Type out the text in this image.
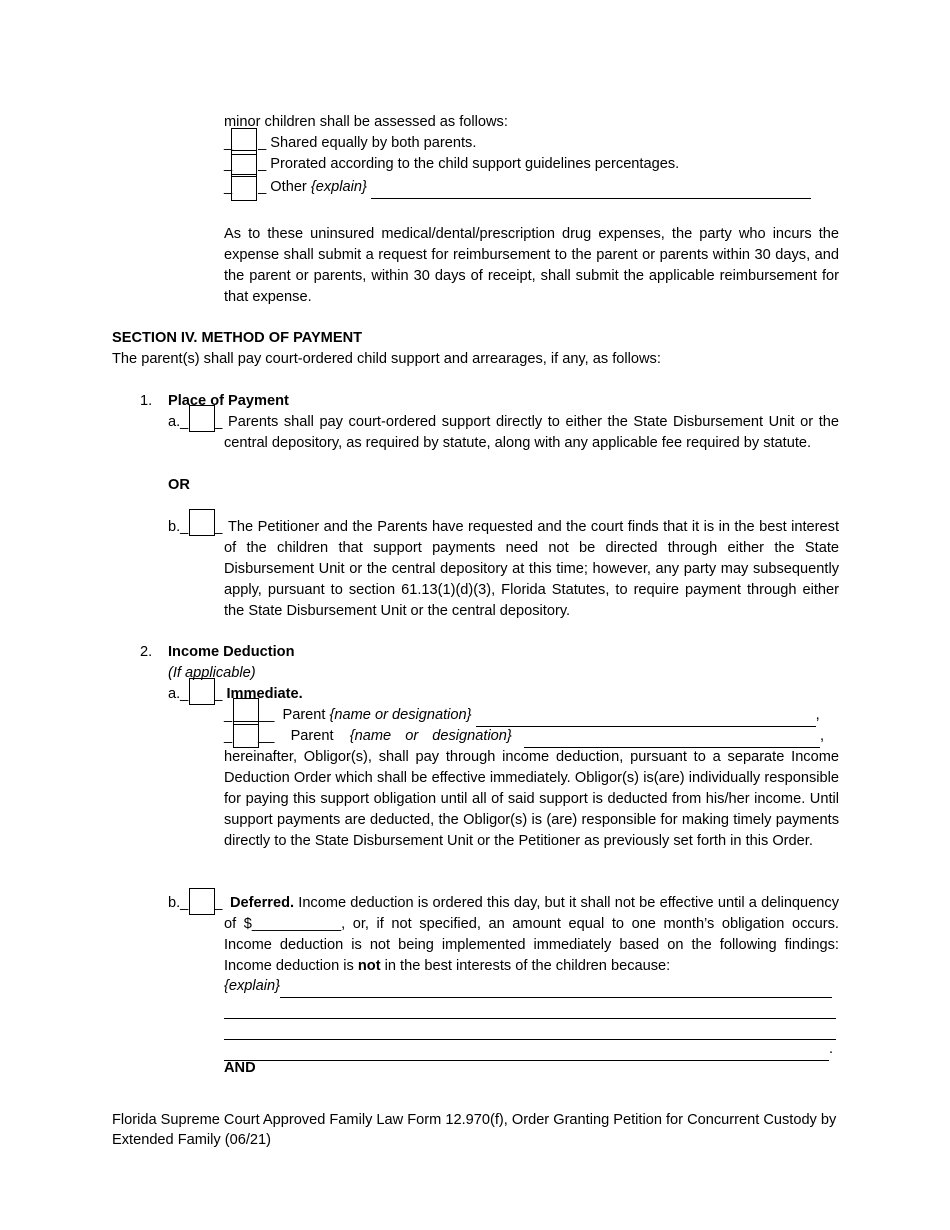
minor children shall be assessed as follows:
_ _ Shared equally by both parents.
_ _ Prorated according to the child support guidelines percentages.
_ _ Other {explain}
As to these uninsured medical/dental/prescription drug expenses, the party who incurs the expense shall submit a request for reimbursement to the parent or parents within 30 days, and the parent or parents, within 30 days of receipt, shall submit the applicable reimbursement for that expense.
SECTION IV. METHOD OF PAYMENT
The parent(s) shall pay court-ordered child support and arrearages, if any, as follows:
1. Place of Payment
a._ _ Parents shall pay court-ordered support directly to either the State Disbursement Unit or the central depository, as required by statute, along with any applicable fee required by statute.
OR
b._ _ The Petitioner and the Parents have requested and the court finds that it is in the best interest of the children that support payments need not be directed through either the State Disbursement Unit or the central depository at this time; however, any party may subsequently apply, pursuant to section 61.13(1)(d)(3), Florida Statutes, to require payment through either the State Disbursement Unit or the central depository.
2. Income Deduction
(If applicable)
a._ _ Immediate.
_ __  Parent {name or designation}	,
_ __    Parent {name or designation}	,
hereinafter, Obligor(s), shall pay through income deduction, pursuant to a separate Income Deduction Order which shall be effective immediately. Obligor(s) is(are) individually responsible for paying this support obligation until all of said support is deducted from his/her income. Until support payments are deducted, the Obligor(s) is (are) responsible for making timely payments directly to the State Disbursement Unit or the Petitioner as previously set forth in this Order.
b._ _ Deferred. Income deduction is ordered this day, but it shall not be effective until a delinquency of $___________, or, if not specified, an amount equal to one month’s obligation occurs. Income deduction is not being implemented immediately based on the following findings: Income deduction is not in the best interests of the children because:
{explain}

.
AND
Florida Supreme Court Approved Family Law Form 12.970(f), Order Granting Petition for Concurrent Custody by
Extended Family (06/21)
